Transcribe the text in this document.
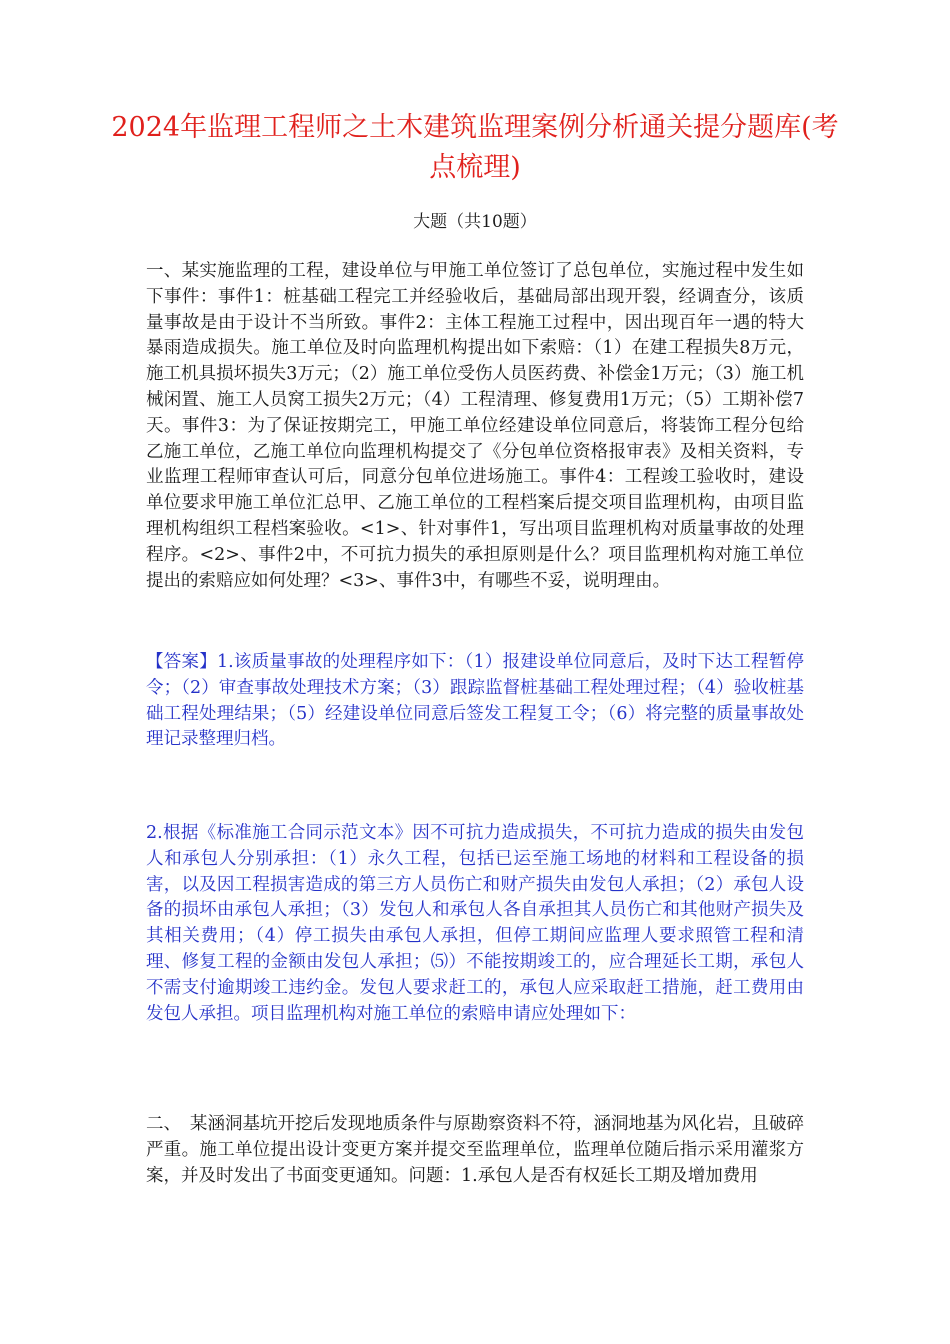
2024年监理工程师之土木建筑监理案例分析通关提分题库(考点梳理)

大题（共10题）

一、某实施监理的工程，建设单位与甲施工单位签订了总包单位，实施过程中发生如下事件：事件1：桩基础工程完工并经验收后，基础局部出现开裂，经调查分，该质量事故是由于设计不当所致。事件2：主体工程施工过程中，因出现百年一遇的特大暴雨造成损失。施工单位及时向监理机构提出如下索赔：（1）在建工程损失8万元，施工机具损坏损失3万元；（2）施工单位受伤人员医药费、补偿金1万元；（3）施工机械闲置、施工人员窝工损失2万元；（4）工程清理、修复费用1万元；（5）工期补偿7天。事件3：为了保证按期完工，甲施工单位经建设单位同意后，将装饰工程分包给乙施工单位，乙施工单位向监理机构提交了《分包单位资格报审表》及相关资料，专业监理工程师审查认可后，同意分包单位进场施工。事件4：工程竣工验收时，建设单位要求甲施工单位汇总甲、乙施工单位的工程档案后提交项目监理机构，由项目监理机构组织工程档案验收。<1>、针对事件1，写出项目监理机构对质量事故的处理程序。<2>、事件2中，不可抗力损失的承担原则是什么？项目监理机构对施工单位提出的索赔应如何处理？<3>、事件3中，有哪些不妥，说明理由。

【答案】1.该质量事故的处理程序如下：（1）报建设单位同意后，及时下达工程暂停令；（2）审查事故处理技术方案；（3）跟踪监督桩基础工程处理过程；（4）验收桩基础工程处理结果；（5）经建设单位同意后签发工程复工令；（6）将完整的质量事故处理记录整理归档。

2.根据《标准施工合同示范文本》因不可抗力造成损失，不可抗力造成的损失由发包人和承包人分别承担：（1）永久工程，包括已运至施工场地的材料和工程设备的损害，以及因工程损害造成的第三方人员伤亡和财产损失由发包人承担；（2）承包人设备的损坏由承包人承担；（3）发包人和承包人各自承担其人员伤亡和其他财产损失及其相关费用；（4）停工损失由承包人承担，但停工期间应监理人要求照管工程和清理、修复工程的金额由发包人承担；⑸）不能按期竣工的，应合理延长工期，承包人不需支付逾期竣工违约金。发包人要求赶工的，承包人应采取赶工措施，赶工费用由发包人承担。项目监理机构对施工单位的索赔申请应处理如下：

二、　某涵洞基坑开挖后发现地质条件与原勘察资料不符，涵洞地基为风化岩，且破碎严重。施工单位提出设计变更方案并提交至监理单位，监理单位随后指示采用灌浆方案，并及时发出了书面变更通知。问题：1.承包人是否有权延长工期及增加费用
